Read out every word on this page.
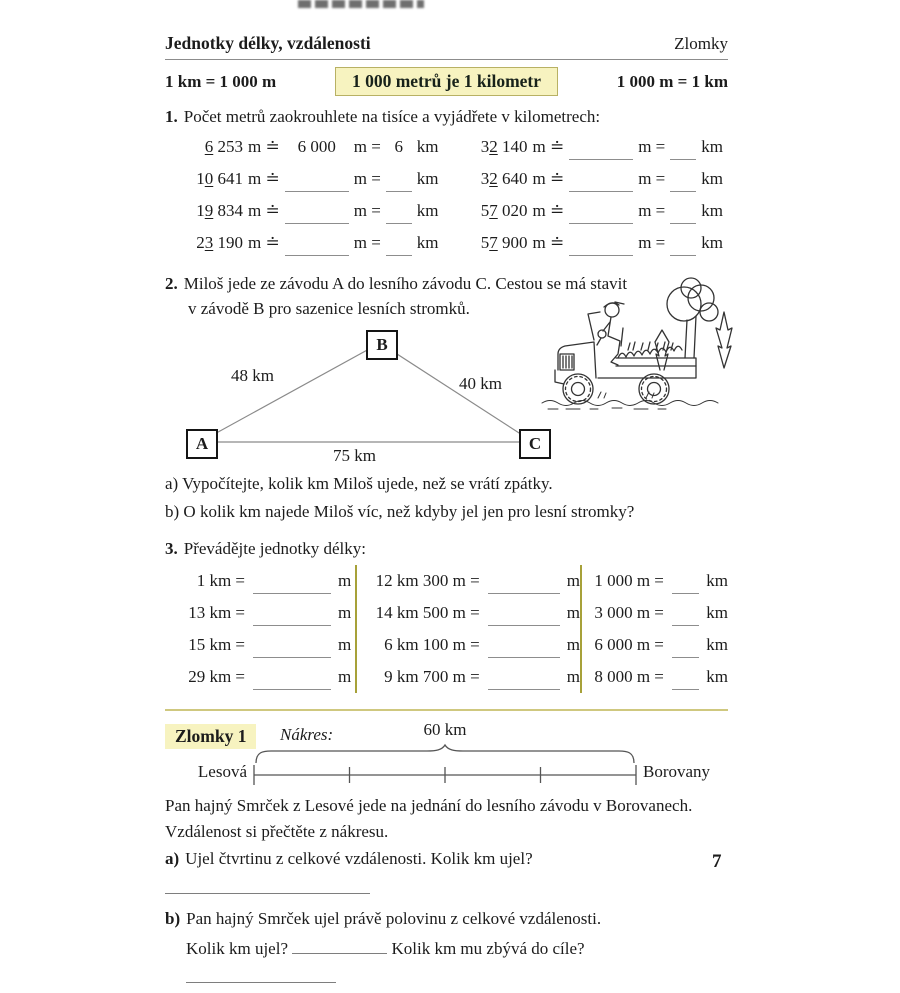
Jednotky délky, vzdálenosti	Zlomky
1 km = 1 000 m	1 000 metrů je 1 kilometr	1 000 m = 1 km
1. Počet metrů zaokrouhlete na tisíce a vyjádřete v kilometrech:
6 253 m ≐	6 000	m = 6 km
10 641 m ≐	m = km
19 834 m ≐	m = km
23 190 m ≐	m = km
32 140 m ≐	m = km
32 640 m ≐	m = km
57 020 m ≐	m = km
57 900 m ≐	m = km
2. Miloš jede ze závodu A do lesního závodu C. Cestou se má stavit
v závodě B pro sazenice lesních stromků.
B
A	C
48 km	40 km
75 km
a) Vypočítejte, kolik km Miloš ujede, než se vrátí zpátky.
b) O kolik km najede Miloš víc, než kdyby jel jen pro lesní stromky?
3. Převádějte jednotky délky:
1 km =	m
13 km =	m
15 km =	m
29 km =	m
12 km 300 m =	m
14 km 500 m =	m
6 km 100 m =	m
9 km 700 m =	m
1 000 m = km
3 000 m = km
6 000 m = km
8 000 m = km
Zlomky 1	Nákres:	60 km
Lesová	Borovany
Pan hajný Smrček z Lesové jede na jednání do lesního závodu v Borovanech.
Vzdálenost si přečtěte z nákresu.
a) Ujel čtvrtinu z celkové vzdálenosti. Kolik km ujel?
b) Pan hajný Smrček ujel právě polovinu z celkové vzdálenosti.
Kolik km ujel?	Kolik km mu zbývá do cíle?
7
